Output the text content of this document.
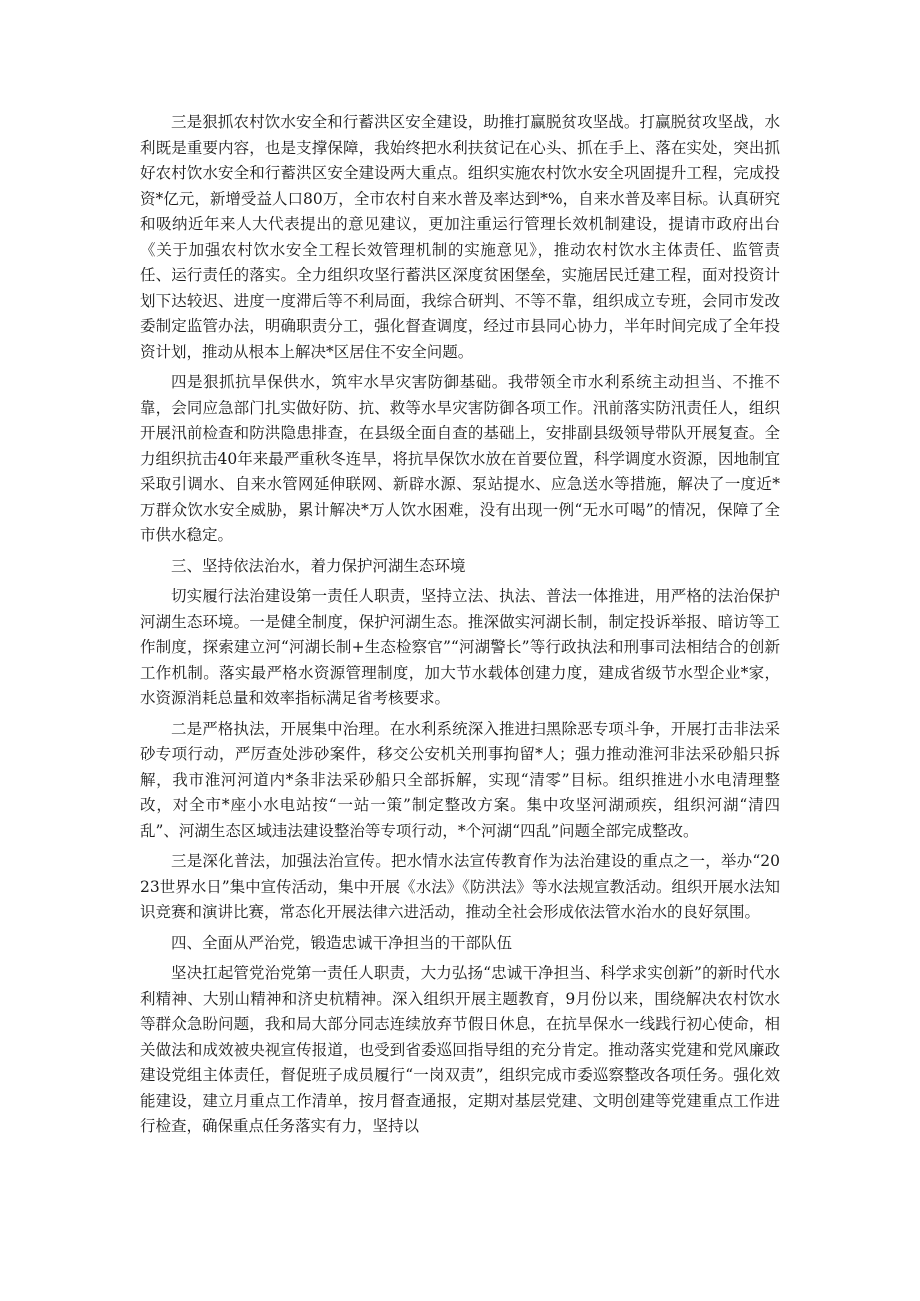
三是狠抓农村饮水安全和行蓄洪区安全建设，助推打赢脱贫攻坚战。打赢脱贫攻坚战，水利既是重要内容，也是支撑保障，我始终把水利扶贫记在心头、抓在手上、落在实处，突出抓好农村饮水安全和行蓄洪区安全建设两大重点。组织实施农村饮水安全巩固提升工程，完成投资*亿元，新增受益人口80万，全市农村自来水普及率达到*%，自来水普及率目标。认真研究和吸纳近年来人大代表提出的意见建议，更加注重运行管理长效机制建设，提请市政府出台《关于加强农村饮水安全工程长效管理机制的实施意见》，推动农村饮水主体责任、监管责任、运行责任的落实。全力组织攻坚行蓄洪区深度贫困堡垒，实施居民迁建工程，面对投资计划下达较迟、进度一度滞后等不利局面，我综合研判、不等不靠，组织成立专班，会同市发改委制定监管办法，明确职责分工，强化督查调度，经过市县同心协力，半年时间完成了全年投资计划，推动从根本上解决*区居住不安全问题。

四是狠抓抗旱保供水，筑牢水旱灾害防御基础。我带领全市水利系统主动担当、不推不靠，会同应急部门扎实做好防、抗、救等水旱灾害防御各项工作。汛前落实防汛责任人，组织开展汛前检查和防洪隐患排查，在县级全面自查的基础上，安排副县级领导带队开展复查。全力组织抗击40年来最严重秋冬连旱，将抗旱保饮水放在首要位置，科学调度水资源，因地制宜采取引调水、自来水管网延伸联网、新辟水源、泵站提水、应急送水等措施，解决了一度近*万群众饮水安全威胁，累计解决*万人饮水困难，没有出现一例“无水可喝”的情况，保障了全市供水稳定。

三、坚持依法治水，着力保护河湖生态环境

切实履行法治建设第一责任人职责，坚持立法、执法、普法一体推进，用严格的法治保护河湖生态环境。一是健全制度，保护河湖生态。推深做实河湖长制，制定投诉举报、暗访等工作制度，探索建立河“河湖长制+生态检察官”“河湖警长”等行政执法和刑事司法相结合的创新工作机制。落实最严格水资源管理制度，加大节水载体创建力度，建成省级节水型企业*家，水资源消耗总量和效率指标满足省考核要求。

二是严格执法，开展集中治理。在水利系统深入推进扫黑除恶专项斗争，开展打击非法采砂专项行动，严厉查处涉砂案件，移交公安机关刑事拘留*人；强力推动淮河非法采砂船只拆解，我市淮河河道内*条非法采砂船只全部拆解，实现“清零”目标。组织推进小水电清理整改，对全市*座小水电站按“一站一策”制定整改方案。集中攻坚河湖顽疾，组织河湖“清四乱”、河湖生态区域违法建设整治等专项行动，*个河湖“四乱”问题全部完成整改。

三是深化普法，加强法治宣传。把水情水法宣传教育作为法治建设的重点之一，举办“2023世界水日”集中宣传活动，集中开展《水法》《防洪法》等水法规宣教活动。组织开展水法知识竞赛和演讲比赛，常态化开展法律六进活动，推动全社会形成依法管水治水的良好氛围。

四、全面从严治党，锻造忠诚干净担当的干部队伍

坚决扛起管党治党第一责任人职责，大力弘扬“忠诚干净担当、科学求实创新”的新时代水利精神、大别山精神和济史杭精神。深入组织开展主题教育，9月份以来，围绕解决农村饮水等群众急盼问题，我和局大部分同志连续放弃节假日休息，在抗旱保水一线践行初心使命，相关做法和成效被央视宣传报道，也受到省委巡回指导组的充分肯定。推动落实党建和党风廉政建设党组主体责任，督促班子成员履行“一岗双责”，组织完成市委巡察整改各项任务。强化效能建设，建立月重点工作清单，按月督查通报，定期对基层党建、文明创建等党建重点工作进行检查，确保重点任务落实有力，坚持以
